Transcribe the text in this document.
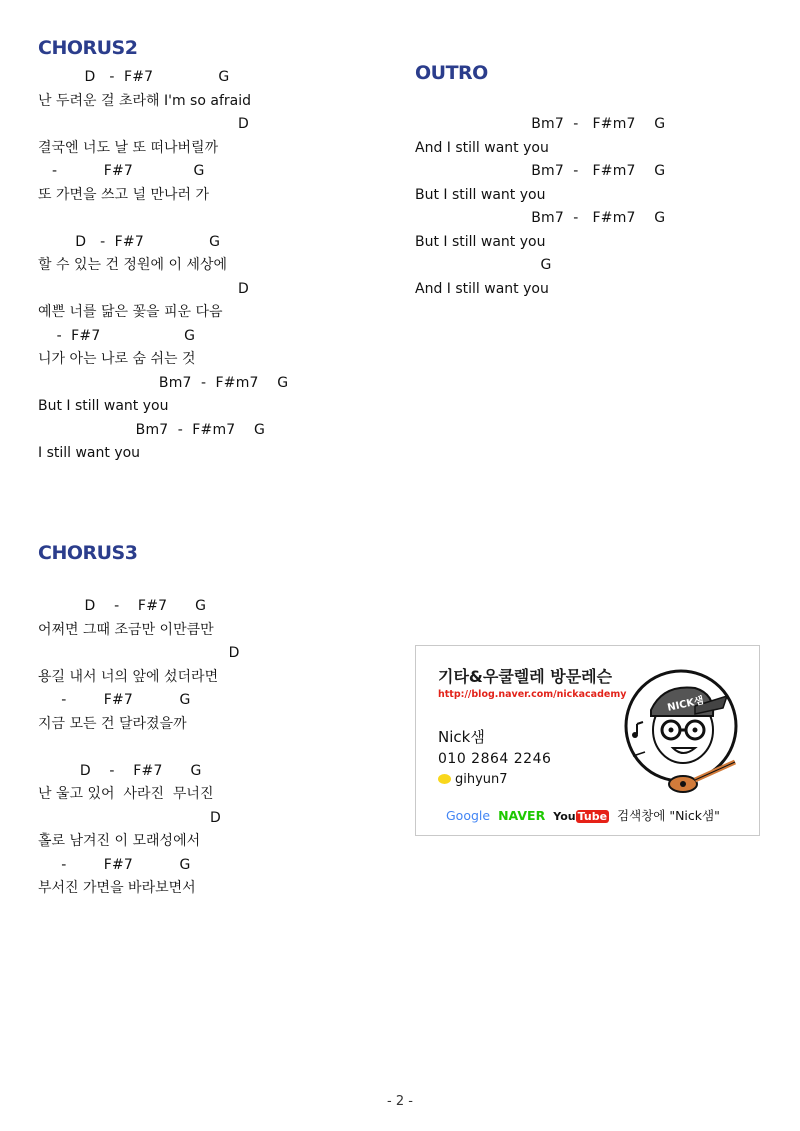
CHORUS2
D   -  F#7              G
난 두려운 걸 초라해 I'm so afraid
D
결국엔 너도 날 또 떠나버릴까
-          F#7             G
또 가면을 쓰고 널 만나러 가
D   -  F#7              G
할 수 있는 건 정원에 이 세상에
D
예쁜 너를 닮은 꽃을 피운 다음
-  F#7                  G
니가 아는 나로 숨 쉬는 것
Bm7  -  F#m7    G
But I still want you
Bm7  -  F#m7    G
I still want you
OUTRO
Bm7  -   F#m7    G
And I still want you
Bm7  -   F#m7    G
But I still want you
Bm7  -   F#m7    G
But I still want you
G
And I still want you
CHORUS3
D    -    F#7      G
어쩌면 그때 조금만 이만큼만
D
용길 내서 너의 앞에 섰더라면
-        F#7          G
지금 모든 건 달라졌을까
D    -    F#7      G
난 울고 있어  사라진  무너진
D
홀로 남겨진 이 모래성에서
-        F#7          G
부서진 가면을 바라보면서
기타&우쿨렐레 방문레슨
http://blog.naver.com/nickacademy
Nick샘
010 2864 2246
gihyun7
NICK샘
Google NAVER You Tube 검색창에 "Nick샘"
- 2 -
